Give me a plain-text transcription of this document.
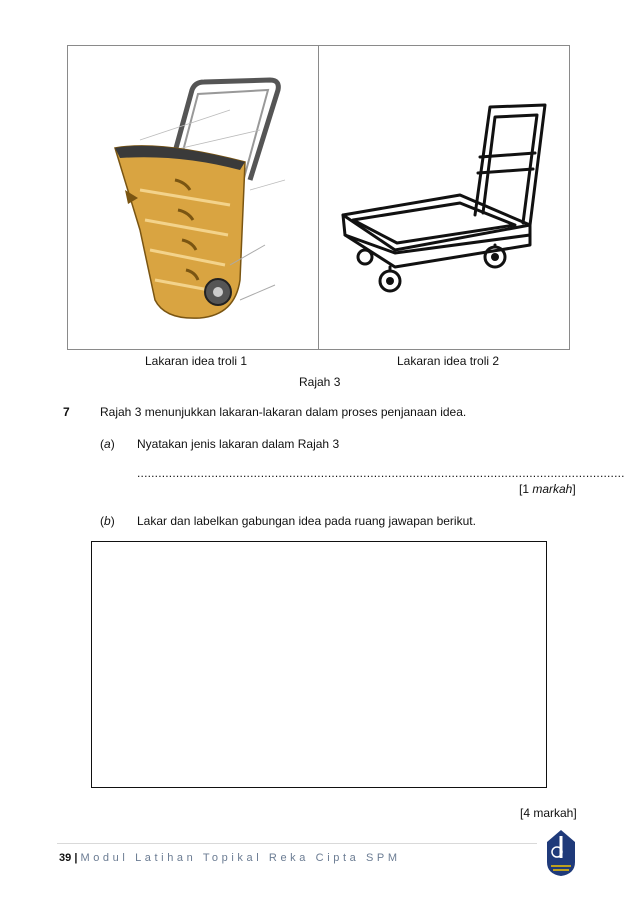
Lakaran idea troli 1	Lakaran idea troli 2
Rajah 3
7	Rajah 3 menunjukkan lakaran-lakaran dalam proses penjanaan idea.
(a) Nyatakan jenis lakaran dalam Rajah 3
..........................................................................................................................................
[1 markah]
(b) Lakar dan labelkan gabungan idea pada ruang jawapan berikut.
[4 markah]
39 | Modul Latihan Topikal Reka Cipta SPM
